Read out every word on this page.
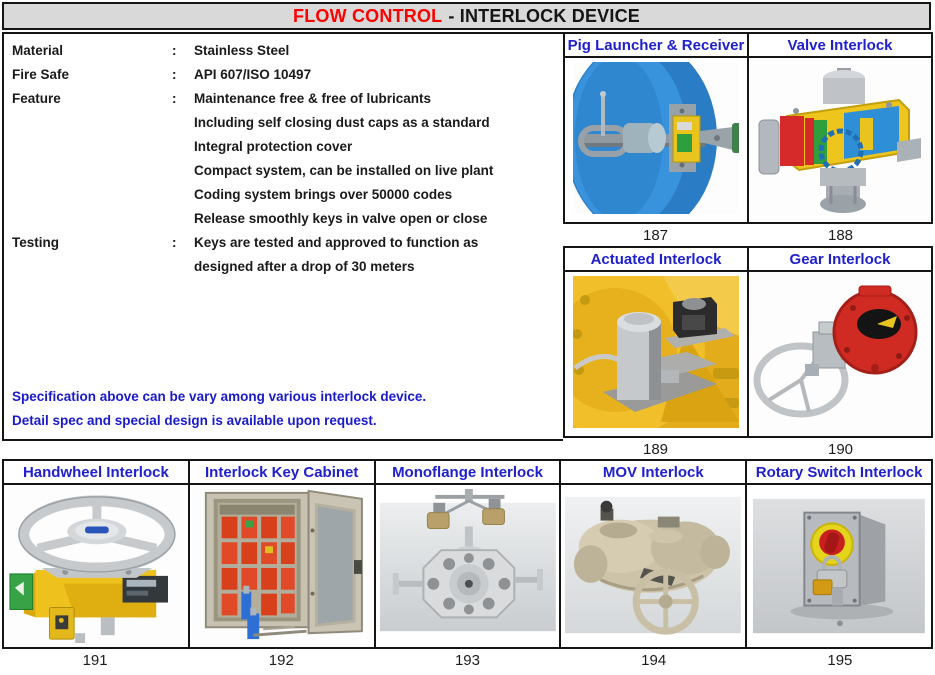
FLOW CONTROL - INTERLOCK DEVICE
Material	:	Stainless Steel
Fire Safe	:	API 607/ISO 10497
Feature	:	Maintenance free & free of lubricants
Including self closing dust caps as a standard
Integral protection cover
Compact system, can be installed on live plant
Coding system brings over 50000 codes
Release smoothly keys in valve open or close
Testing	:	Keys are tested and approved to function as
designed after a drop of 30 meters
Specification above can be vary among various interlock device.
Detail spec and special design is available upon request.
Pig Launcher & Receiver	Valve Interlock
187	188
Actuated Interlock	Gear Interlock
189	190
Handwheel Interlock	Interlock Key Cabinet	Monoflange Interlock	MOV Interlock	Rotary Switch Interlock
191	192	193	194	195
